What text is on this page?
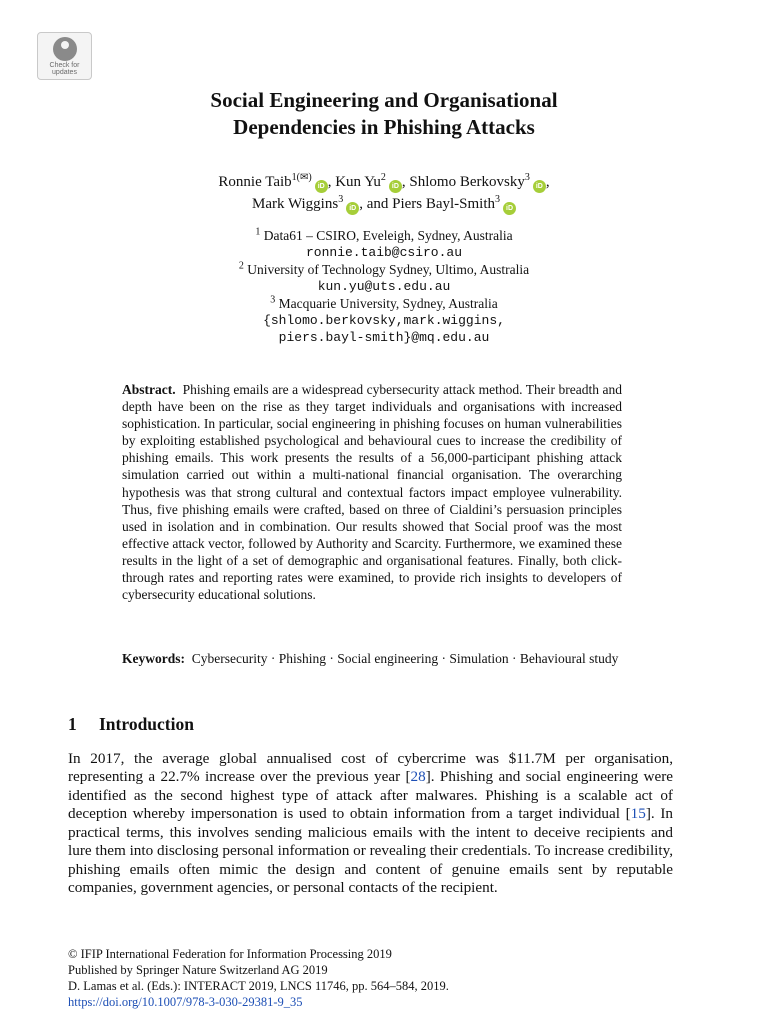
Check for
updates
Social Engineering and Organisational
Dependencies in Phishing Attacks
Ronnie Taib$^{1(✉)}$iD , Kun Yu$^2$iD , Shlomo Berkovsky$^3$iD ,
Mark Wiggins$^3$iD , and Piers Bayl-Smith$^3$iD
$^1$ Data61 – CSIRO, Eveleigh, Sydney, Australia
ronnie.taib@csiro.au
$^2$ University of Technology Sydney, Ultimo, Australia
kun.yu@uts.edu.au
$^3$ Macquarie University, Sydney, Australia
{shlomo.berkovsky,mark.wiggins,
piers.bayl-smith}@mq.edu.au

Abstract. Phishing emails are a widespread cybersecurity attack method. Their breadth and depth have been on the rise as they target individuals and organisations with increased sophistication. In particular, social engineering in phishing focuses on human vulnerabilities by exploiting established psychological and behavioural cues to increase the credibility of phishing emails. This work presents the results of a 56,000-participant phishing attack simulation carried out within a multi-national financial organisation. The overarching hypothesis was that strong cultural and contextual factors impact employee vulnerability. Thus, five phishing emails were crafted, based on three of Cialdini’s persuasion principles used in isolation and in combination. Our results showed that Social proof was the most effective attack vector, followed by Authority and Scarcity. Furthermore, we examined these results in the light of a set of demographic and organisational features. Finally, both click-through rates and reporting rates were examined, to provide rich insights to developers of cybersecurity educational solutions.

Keywords: Cybersecurity · Phishing · Social engineering · Simulation · Behavioural study

1 Introduction

In 2017, the average global annualised cost of cybercrime was $11.7M per organisation, representing a 22.7% increase over the previous year [28]. Phishing and social engineering were identified as the second highest type of attack after malwares. Phishing is a scalable act of deception whereby impersonation is used to obtain information from a target individual [15]. In practical terms, this involves sending malicious emails with the intent to deceive recipients and lure them into disclosing personal information or revealing their credentials. To increase credibility, phishing emails often mimic the design and content of genuine emails sent by reputable companies, government agencies, or personal contacts of the recipient.

© IFIP International Federation for Information Processing 2019
Published by Springer Nature Switzerland AG 2019
D. Lamas et al. (Eds.): INTERACT 2019, LNCS 11746, pp. 564–584, 2019.
https://doi.org/10.1007/978-3-030-29381-9_35
